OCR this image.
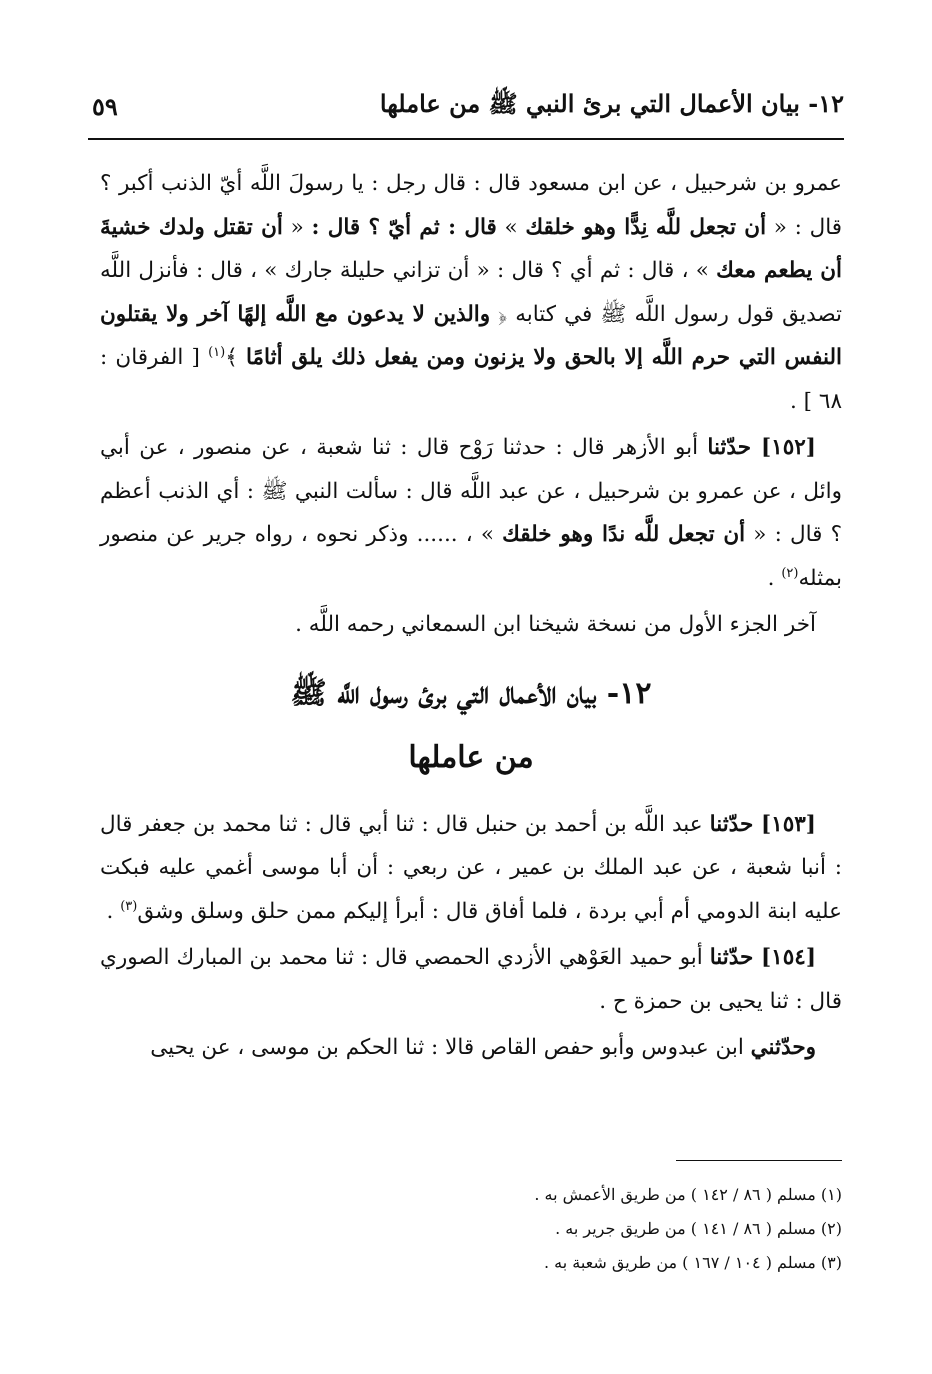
١٢- بيان الأعمال التي برئ النبي ﷺ من عاملها
٥٩

عمرو بن شرحبيل ، عن ابن مسعود قال : قال رجل : يا رسولَ اللَّه أيّ الذنب أكبر ؟ قال : « أن تجعل للَّه نِدًّا وهو خلقك » قال : ثم أيّ ؟ قال : « أن تقتل ولدك خشيةَ أن يطعم معك » ، قال : ثم أي ؟ قال : « أن تزاني حليلة جارك » ، قال : فأنزل اللَّه تصديق قول رسول اللَّه ﷺ في كتابه ﴿ والذين لا يدعون مع اللَّه إلهًا آخر ولا يقتلون النفس التي حرم اللَّه إلا بالحق ولا يزنون ومن يفعل ذلك يلق أثامًا ﴾$^{(١)}$ [ الفرقان : ٦٨ ] .

[١٥٢] حدّثنا أبو الأزهر قال : حدثنا رَوْح قال : ثنا شعبة ، عن منصور ، عن أبي وائل ، عن عمرو بن شرحبيل ، عن عبد اللَّه قال : سألت النبي ﷺ : أي الذنب أعظم ؟ قال : « أن تجعل للَّه ندًا وهو خلقك » ، ...... وذكر نحوه ، رواه جرير عن منصور بمثله$^{(٢)}$ .

آخر الجزء الأول من نسخة شيخنا ابن السمعاني رحمه اللَّه .

١٢- بيان الأعمال التي برئ رسول اللَّه ﷺ
من عاملها

[١٥٣] حدّثنا عبد اللَّه بن أحمد بن حنبل قال : ثنا أبي قال : ثنا محمد بن جعفر قال : أنبا شعبة ، عن عبد الملك بن عمير ، عن ربعي : أن أبا موسى أغمي عليه فبكت عليه ابنة الدومي أم أبي بردة ، فلما أفاق قال : أبرأ إليكم ممن حلق وسلق وشق$^{(٣)}$ .

[١٥٤] حدّثنا أبو حميد العَوْهي الأزدي الحمصي قال : ثنا محمد بن المبارك الصوري قال : ثنا يحيى بن حمزة ح .

وحدّثني ابن عبدوس وأبو حفص القاص قالا : ثنا الحكم بن موسى ، عن يحيى

(١) مسلم ( ٨٦ / ١٤٢ ) من طريق الأعمش به .
(٢) مسلم ( ٨٦ / ١٤١ ) من طريق جرير به .
(٣) مسلم ( ١٠٤ / ١٦٧ ) من طريق شعبة به .
